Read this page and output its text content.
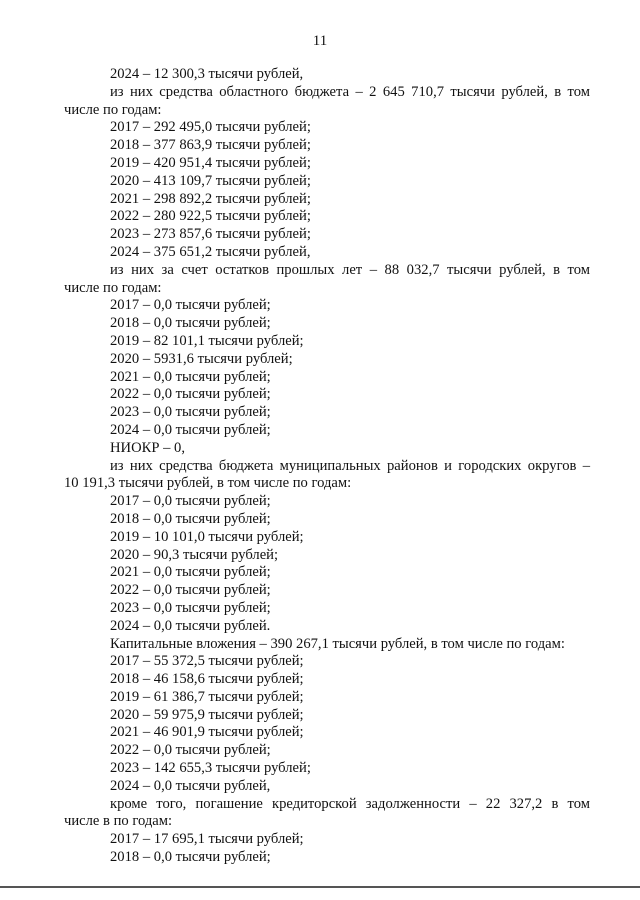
11
2024 – 12 300,3 тысячи рублей,
из них средства областного бюджета – 2 645 710,7 тысячи рублей, в том
числе по годам:
2017 – 292 495,0 тысячи рублей;
2018 – 377 863,9 тысячи рублей;
2019 – 420 951,4 тысячи рублей;
2020 – 413 109,7 тысячи рублей;
2021 – 298 892,2 тысячи рублей;
2022 – 280 922,5 тысячи рублей;
2023 – 273 857,6 тысячи рублей;
2024 – 375 651,2 тысячи рублей,
из них за счет остатков прошлых лет – 88 032,7 тысячи рублей, в том
числе по годам:
2017 – 0,0 тысячи рублей;
2018 – 0,0 тысячи рублей;
2019 – 82 101,1 тысячи рублей;
2020 – 5931,6 тысячи рублей;
2021 – 0,0 тысячи рублей;
2022 – 0,0 тысячи рублей;
2023 – 0,0 тысячи рублей;
2024 – 0,0 тысячи рублей;
НИОКР – 0,
из них средства бюджета муниципальных районов и городских округов –
10 191,3 тысячи рублей, в том числе по годам:
2017 – 0,0 тысячи рублей;
2018 – 0,0 тысячи рублей;
2019 – 10 101,0 тысячи рублей;
2020 – 90,3 тысячи рублей;
2021 – 0,0 тысячи рублей;
2022 – 0,0 тысячи рублей;
2023 – 0,0 тысячи рублей;
2024 – 0,0 тысячи рублей.
Капитальные вложения – 390 267,1 тысячи рублей, в том числе по годам:
2017 – 55 372,5 тысячи рублей;
2018 – 46 158,6 тысячи рублей;
2019 – 61 386,7 тысячи рублей;
2020 – 59 975,9 тысячи рублей;
2021 – 46 901,9 тысячи рублей;
2022 – 0,0 тысячи рублей;
2023 – 142 655,3 тысячи рублей;
2024 – 0,0 тысячи рублей,
кроме того, погашение кредиторской задолженности – 22 327,2 в том
числе в по годам:
2017 – 17 695,1 тысячи рублей;
2018 – 0,0 тысячи рублей;
